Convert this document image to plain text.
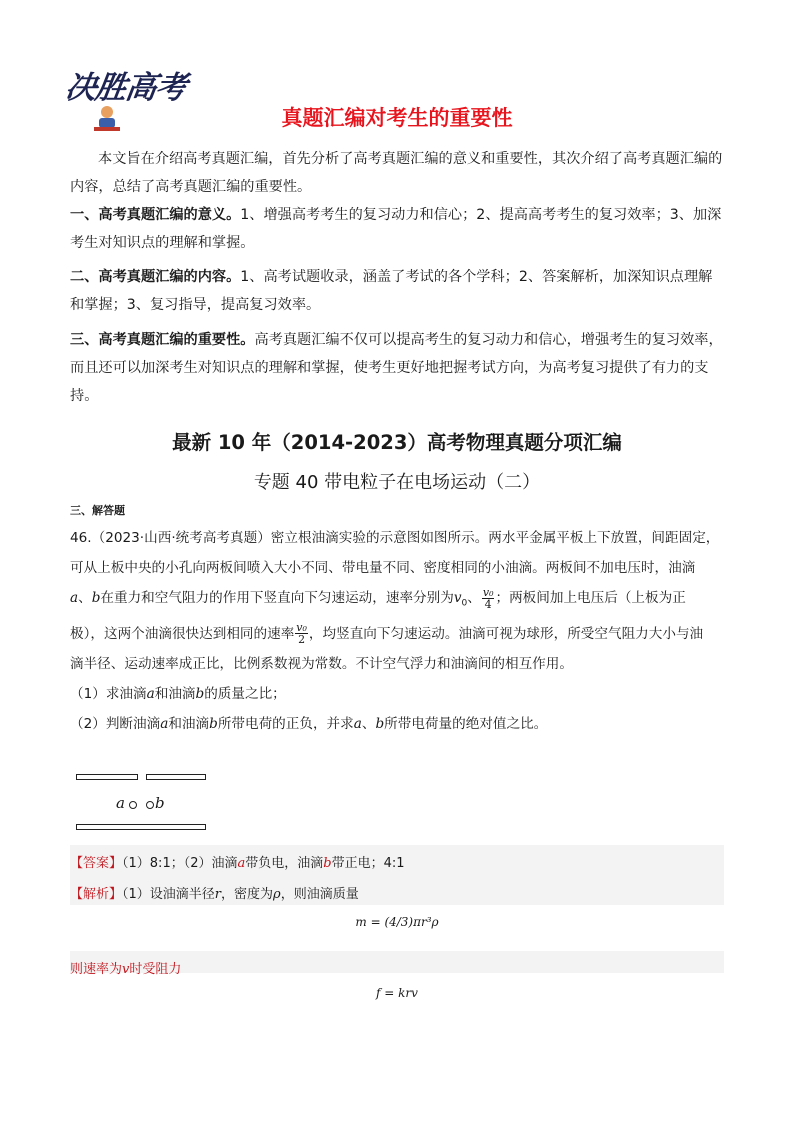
决胜高考
真题汇编对考生的重要性
本文旨在介绍高考真题汇编，首先分析了高考真题汇编的意义和重要性，其次介绍了高考真题汇编的内容，总结了高考真题汇编的重要性。
一、高考真题汇编的意义。1、增强高考考生的复习动力和信心；2、提高高考考生的复习效率；3、加深考生对知识点的理解和掌握。
二、高考真题汇编的内容。1、高考试题收录，涵盖了考试的各个学科；2、答案解析，加深知识点理解和掌握；3、复习指导，提高复习效率。
三、高考真题汇编的重要性。高考真题汇编不仅可以提高考生的复习动力和信心，增强考生的复习效率，而且还可以加深考生对知识点的理解和掌握，使考生更好地把握考试方向，为高考复习提供了有力的支持。
最新 10 年（2014-2023）高考物理真题分项汇编
专题 40 带电粒子在电场运动（二）
三、解答题
46.（2023·山西·统考高考真题）密立根油滴实验的示意图如图所示。两水平金属平板上下放置，间距固定，
可从上板中央的小孔向两板间喷入大小不同、带电量不同、密度相同的小油滴。两板间不加电压时，油滴
a、b在重力和空气阻力的作用下竖直向下匀速运动，速率分别为$v_0$、 $\frac{\text{v₀}}{4}$ ；两板间加上电压后（上板为正
极），这两个油滴很快达到相同的速率 $\frac{\text{v₀}}{2}$ ，均竖直向下匀速运动。油滴可视为球形，所受空气阻力大小与油
滴半径、运动速率成正比，比例系数视为常数。不计空气浮力和油滴间的相互作用。
（1）求油滴a和油滴b的质量之比；
（2）判断油滴a和油滴b所带电荷的正负，并求a、b所带电荷量的绝对值之比。
a b
【答案】（1）8:1；（2）油滴a带负电，油滴b带正电；4:1
【解析】（1）设油滴半径r，密度为ρ，则油滴质量
m = (4/3)πr³ρ
则速率为v时受阻力
f = krv
